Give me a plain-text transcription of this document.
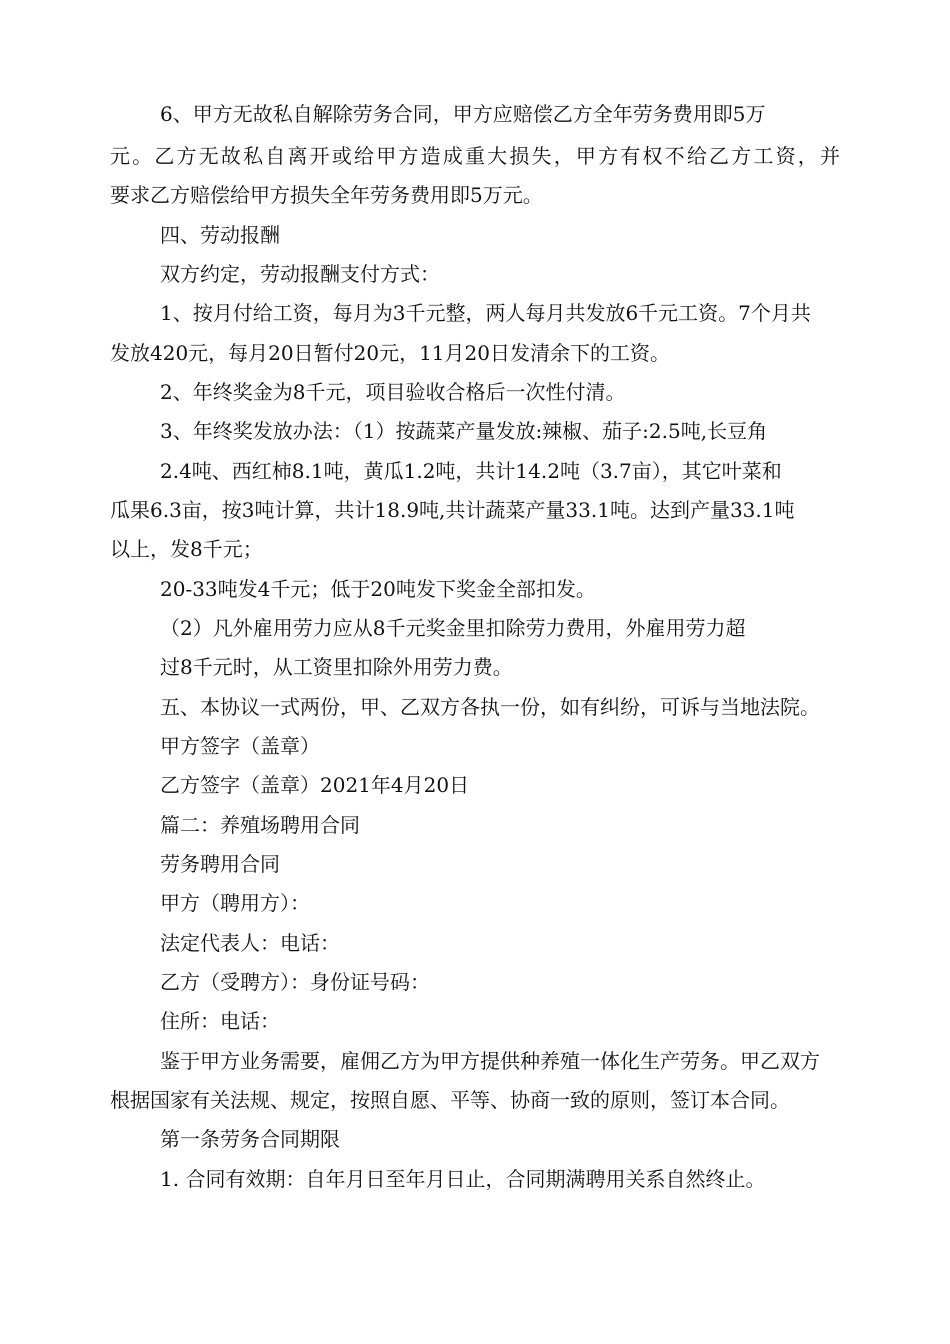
6、甲方无故私自解除劳务合同，甲方应赔偿乙方全年劳务费用即5万
元。乙方无故私自离开或给甲方造成重大损失，甲方有权不给乙方工资，并
要求乙方赔偿给甲方损失全年劳务费用即5万元。
四、劳动报酬
双方约定，劳动报酬支付方式：
1、按月付给工资，每月为3千元整，两人每月共发放6千元工资。7个月共
发放420元，每月20日暂付20元，11月20日发清余下的工资。
2、年终奖金为8千元，项目验收合格后一次性付清。
3、年终奖发放办法：（1）按蔬菜产量发放:辣椒、茄子:2.5吨,长豆角
2.4吨、西红柿8.1吨，黄瓜1.2吨，共计14.2吨（3.7亩），其它叶菜和
瓜果6.3亩，按3吨计算，共计18.9吨,共计蔬菜产量33.1吨。达到产量33.1吨
以上，发8千元；
20-33吨发4千元；低于20吨发下奖金全部扣发。
（2）凡外雇用劳力应从8千元奖金里扣除劳力费用，外雇用劳力超
过8千元时，从工资里扣除外用劳力费。
五、本协议一式两份，甲、乙双方各执一份，如有纠纷，可诉与当地法院。
甲方签字（盖章）
乙方签字（盖章）2021年4月20日
篇二：养殖场聘用合同
劳务聘用合同
甲方（聘用方）：
法定代表人：电话：
乙方（受聘方）：身份证号码：
住所：电话：
鉴于甲方业务需要，雇佣乙方为甲方提供种养殖一体化生产劳务。甲乙双方
根据国家有关法规、规定，按照自愿、平等、协商一致的原则，签订本合同。
第一条劳务合同期限
1. 合同有效期：自年月日至年月日止，合同期满聘用关系自然终止。
